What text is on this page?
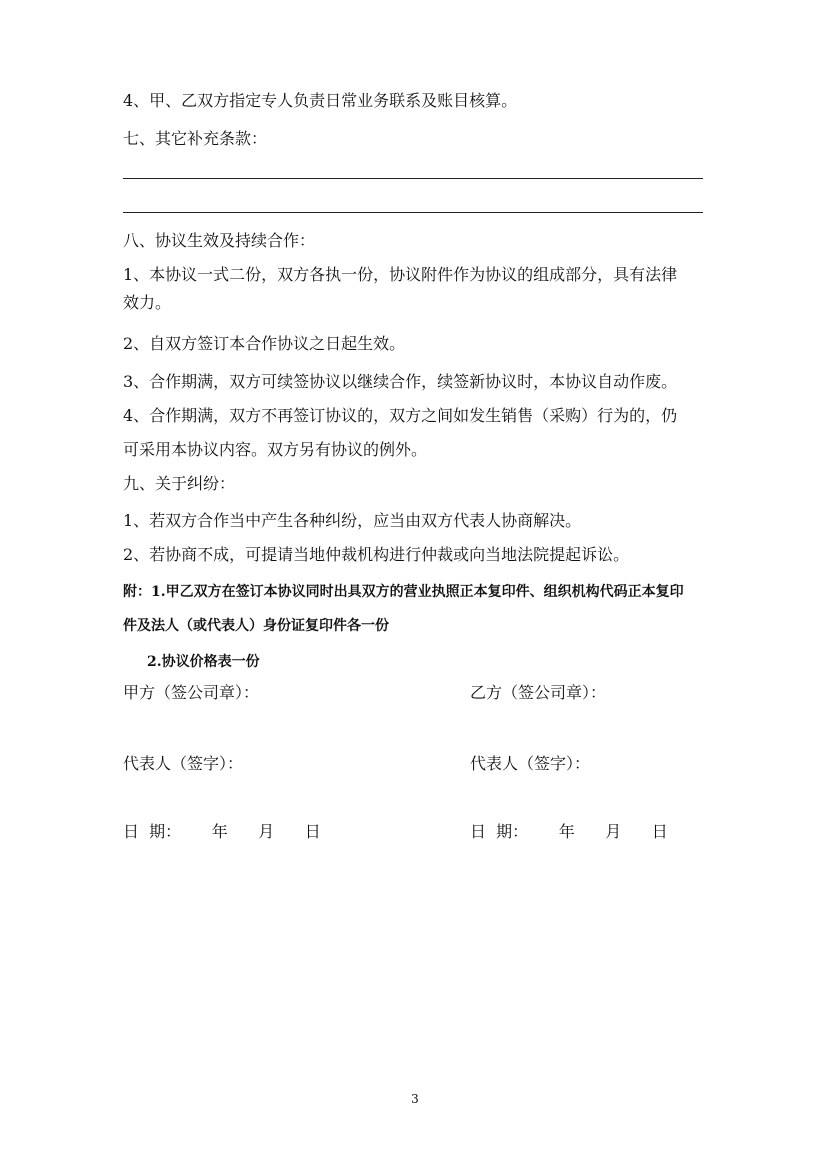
4、甲、乙双方指定专人负责日常业务联系及账目核算。
七、其它补充条款：
八、协议生效及持续合作：
1、本协议一式二份，双方各执一份，协议附件作为协议的组成部分，具有法律
效力。
2、自双方签订本合作协议之日起生效。
3、合作期满，双方可续签协议以继续合作，续签新协议时，本协议自动作废。
4、合作期满，双方不再签订协议的，双方之间如发生销售（采购）行为的，仍
可采用本协议内容。双方另有协议的例外。
九、关于纠纷：
1、若双方合作当中产生各种纠纷，应当由双方代表人协商解决。
2、若协商不成，可提请当地仲裁机构进行仲裁或向当地法院提起诉讼。
附：1.甲乙双方在签订本协议同时出具双方的营业执照正本复印件、组织机构代码正本复印
件及法人（或代表人）身份证复印件各一份
2.协议价格表一份
甲方（签公司章）：	乙方（签公司章）：
代表人（签字）：	代表人（签字）：
日  期：      年      月      日	日  期：      年      月      日
3
